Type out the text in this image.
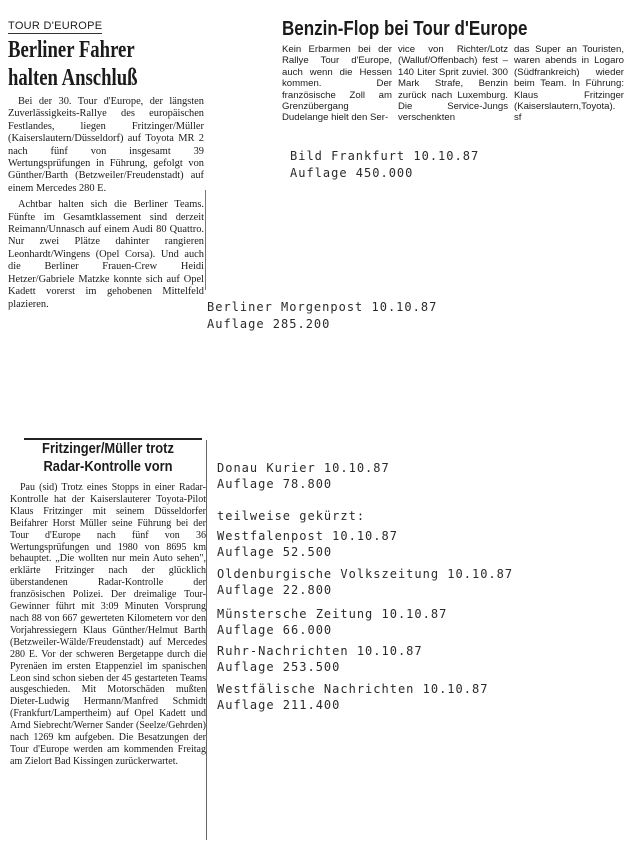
TOUR D'EUROPE
Berliner Fahrer
halten Anschluß

Bei der 30. Tour d'Europe, der längsten Zuverlässigkeits-Rallye des europäischen Festlandes, liegen Fritzinger/Müller (Kaiserslautern/Düsseldorf) auf Toyota MR 2 nach fünf von insgesamt 39 Wertungsprüfungen in Führung, gefolgt von Günther/Barth (Betzweiler/Freudenstadt) auf einem Mercedes 280 E.

Achtbar halten sich die Berliner Teams. Fünfte im Gesamtklassement sind derzeit Reimann/Unnasch auf einem Audi 80 Quattro. Nur zwei Plätze dahinter rangieren Leonhardt/Wingens (Opel Corsa). Und auch die Berliner Frauen-Crew Heidi Hetzer/Gabriele Matzke konnte sich auf Opel Kadett vorerst im gehobenen Mittelfeld plazieren.

Benzin-Flop bei Tour d'Europe
Kein Erbarmen bei der Rallye Tour d'Europe, auch wenn die Hessen kommen. Der französische Zoll am Grenzübergang Dudelange hielt den Ser-
vice von Richter/Lotz (Walluf/Offenbach) fest – 140 Liter Sprit zuviel. 300 Mark Strafe, Benzin zurück nach Luxemburg. Die Service-Jungs verschenkten
das Super an Touristen, waren abends in Logaro (Südfrankreich) wieder beim Team. In Führung: Klaus Fritzinger (Kaiserslautern,Toyota). sf
Bild Frankfurt 10.10.87
Auflage 450.000
Berliner Morgenpost 10.10.87
Auflage 285.200
Fritzinger/Müller trotz
Radar-Kontrolle vorn

Pau (sid) Trotz eines Stopps in einer Radar-Kontrolle hat der Kaiserslauterer Toyota-Pilot Klaus Fritzinger mit seinem Düsseldorfer Beifahrer Horst Müller seine Führung bei der Tour d'Europe nach fünf von 36 Wertungsprüfungen und 1980 von 8695 km behauptet. „Die wollten nur mein Auto sehen", erklärte Fritzinger nach der glücklich überstandenen Radar-Kontrolle der französischen Polizei. Der dreimalige Tour-Gewinner führt mit 3:09 Minuten Vorsprung nach 88 von 667 gewerteten Kilometern vor den Vorjahressiegern Klaus Günther/Helmut Barth (Betzweiler-Wälde/Freudenstadt) auf Mercedes 280 E. Vor der schweren Bergetappe durch die Pyrenäen im ersten Etappenziel im spanischen Leon sind schon sieben der 45 gestarteten Teams ausgeschieden. Mit Motorschäden mußten Dieter-Ludwig Hermann/Manfred Schmidt (Frankfurt/Lampertheim) auf Opel Kadett und Arnd Siebrecht/Werner Sander (Seelze/Gehrden) nach 1269 km aufgeben. Die Besatzungen der Tour d'Europe werden am kommenden Freitag am Zielort Bad Kissingen zurückerwartet.

Donau Kurier 10.10.87
Auflage 78.800
teilweise gekürzt:
Westfalenpost 10.10.87
Auflage 52.500
Oldenburgische Volkszeitung 10.10.87
Auflage 22.800
Münstersche Zeitung 10.10.87
Auflage 66.000
Ruhr-Nachrichten 10.10.87
Auflage 253.500
Westfälische Nachrichten 10.10.87
Auflage 211.400
